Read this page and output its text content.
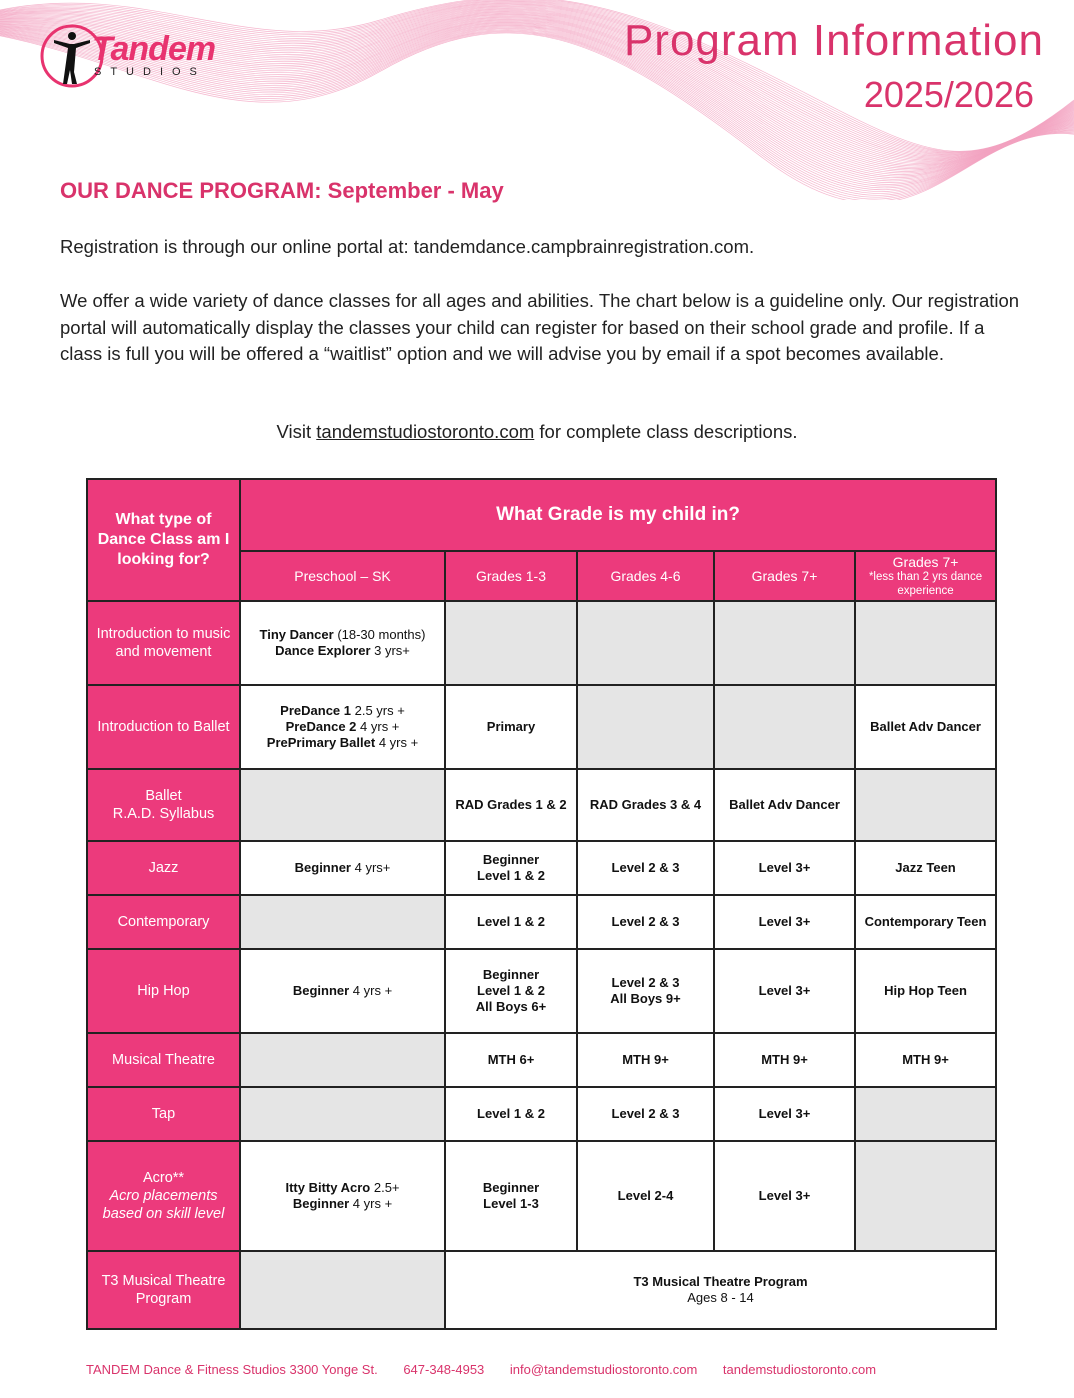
Tandem
STUDIOS
Program Information
2025/2026
OUR DANCE PROGRAM: September - May
Registration is through our online portal at: tandemdance.campbrainregistration.com.
We offer a wide variety of dance classes for all ages and abilities. The chart below is a guideline only. Our registration portal will automatically display the classes your child can register for based on their school grade and profile. If a class is full you will be offered a “waitlist” option and we will advise you by email if a spot becomes available.
Visit tandemstudiostoronto.com for complete class descriptions.
What type of Dance Class am I looking for?	What Grade is my child in?				
	Preschool – SK	Grades 1-3	Grades 4-6	Grades 7+	Grades 7+
*less than 2 yrs dance experience

Introduction to music and movement	Tiny Dancer (18-30 months)
Dance Explorer 3 yrs+				
Introduction to Ballet	PreDance 1 2.5 yrs +
PreDance 2 4 yrs +
PrePrimary Ballet 4 yrs +	Primary			Ballet Adv Dancer
Ballet
R.A.D. Syllabus		RAD Grades 1 & 2	RAD Grades 3 & 4	Ballet Adv Dancer	
Jazz	Beginner 4 yrs+	Beginner
Level 1 & 2	Level 2 & 3	Level 3+	Jazz Teen
Contemporary		Level 1 & 2	Level 2 & 3	Level 3+	Contemporary Teen
Hip Hop	Beginner 4 yrs +	Beginner
Level 1 & 2
All Boys 6+	Level 2 & 3
All Boys 9+	Level 3+	Hip Hop Teen
Musical Theatre		MTH 6+	MTH 9+	MTH 9+	MTH 9+
Tap		Level 1 & 2	Level 2 & 3	Level 3+	
Acro**
Acro placements based on skill level	Itty Bitty Acro 2.5+
Beginner 4 yrs +	Beginner
Level 1-3	Level 2-4	Level 3+	
T3 Musical Theatre Program		T3 Musical Theatre Program
Ages 8 - 14			
TANDEM Dance & Fitness Studios 3300 Yonge St. 647-348-4953 info@tandemstudiostoronto.com tandemstudiostoronto.com
